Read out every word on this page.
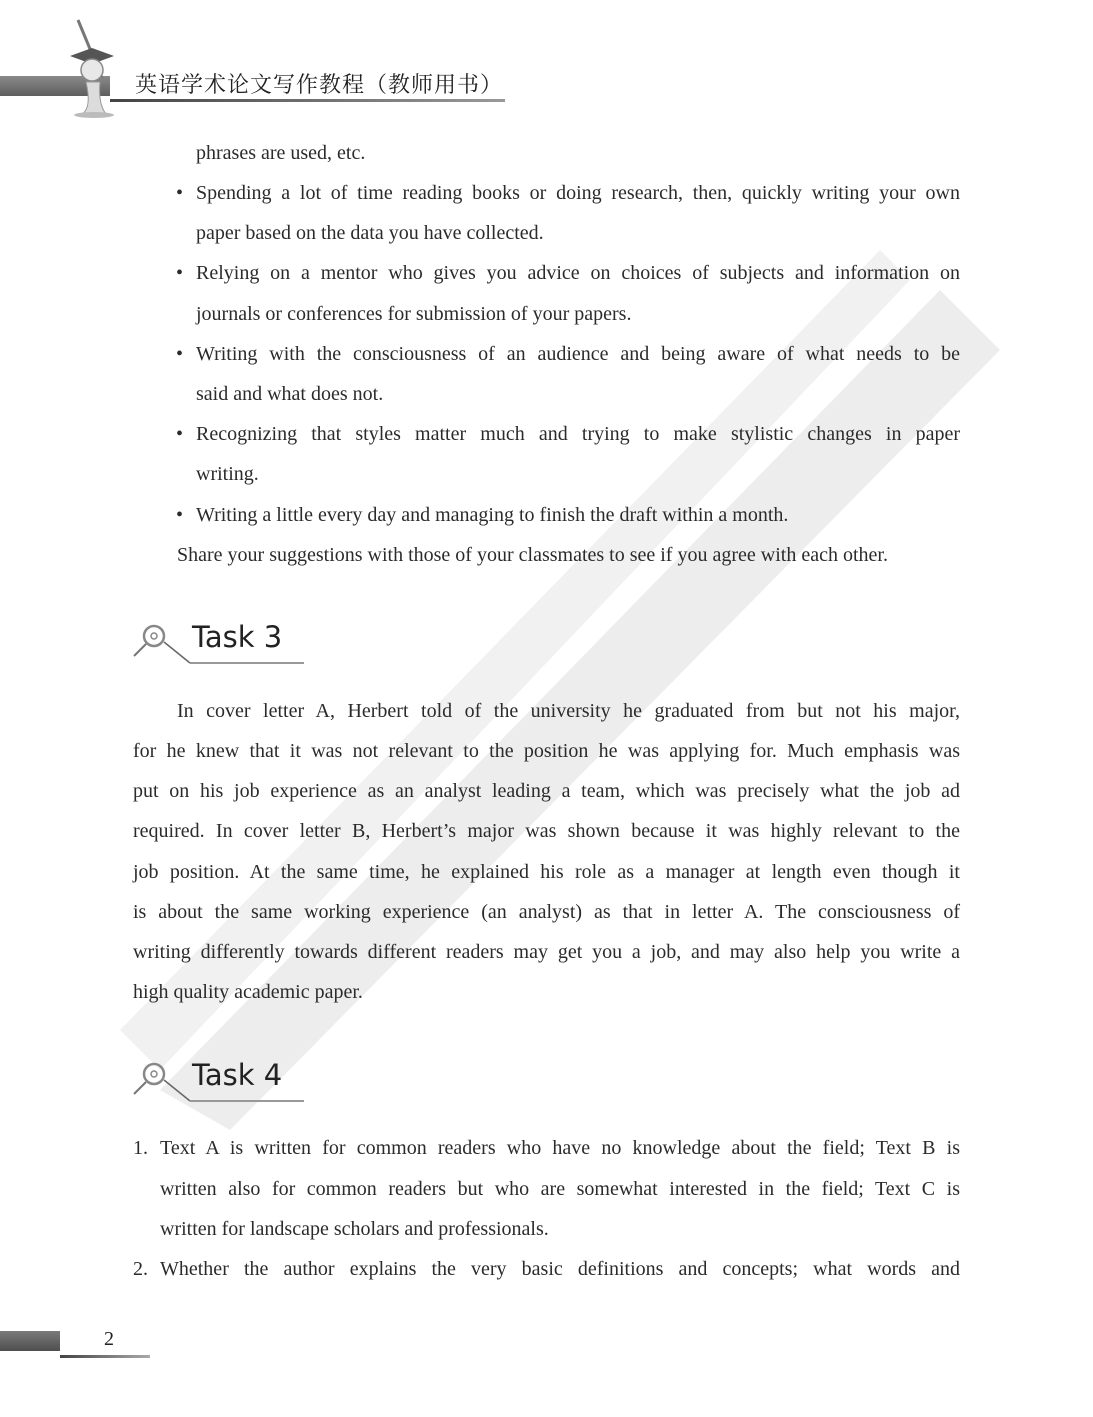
英语学术论文写作教程（教师用书）
phrases are used, etc.
• Spending a lot of time reading books or doing research, then, quickly writing your own
paper based on the data you have collected.
• Relying on a mentor who gives you advice on choices of subjects and information on
journals or conferences for submission of your papers.
• Writing with the consciousness of an audience and being aware of what needs to be
said and what does not.
• Recognizing that styles matter much and trying to make stylistic changes in paper
writing.
• Writing a little every day and managing to finish the draft within a month.
Share your suggestions with those of your classmates to see if you agree with each other.
Task 3
In cover letter A, Herbert told of the university he graduated from but not his major,
for he knew that it was not relevant to the position he was applying for. Much emphasis was
put on his job experience as an analyst leading a team, which was precisely what the job ad
required. In cover letter B, Herbert’s major was shown because it was highly relevant to the
job position. At the same time, he explained his role as a manager at length even though it
is about the same working experience (an analyst) as that in letter A. The consciousness of
writing differently towards different readers may get you a job, and may also help you write a
high quality academic paper.
Task 4
1. Text A is written for common readers who have no knowledge about the field; Text B is
written also for common readers but who are somewhat interested in the field; Text C is
written for landscape scholars and professionals.
2. Whether the author explains the very basic definitions and concepts; what words and
2
